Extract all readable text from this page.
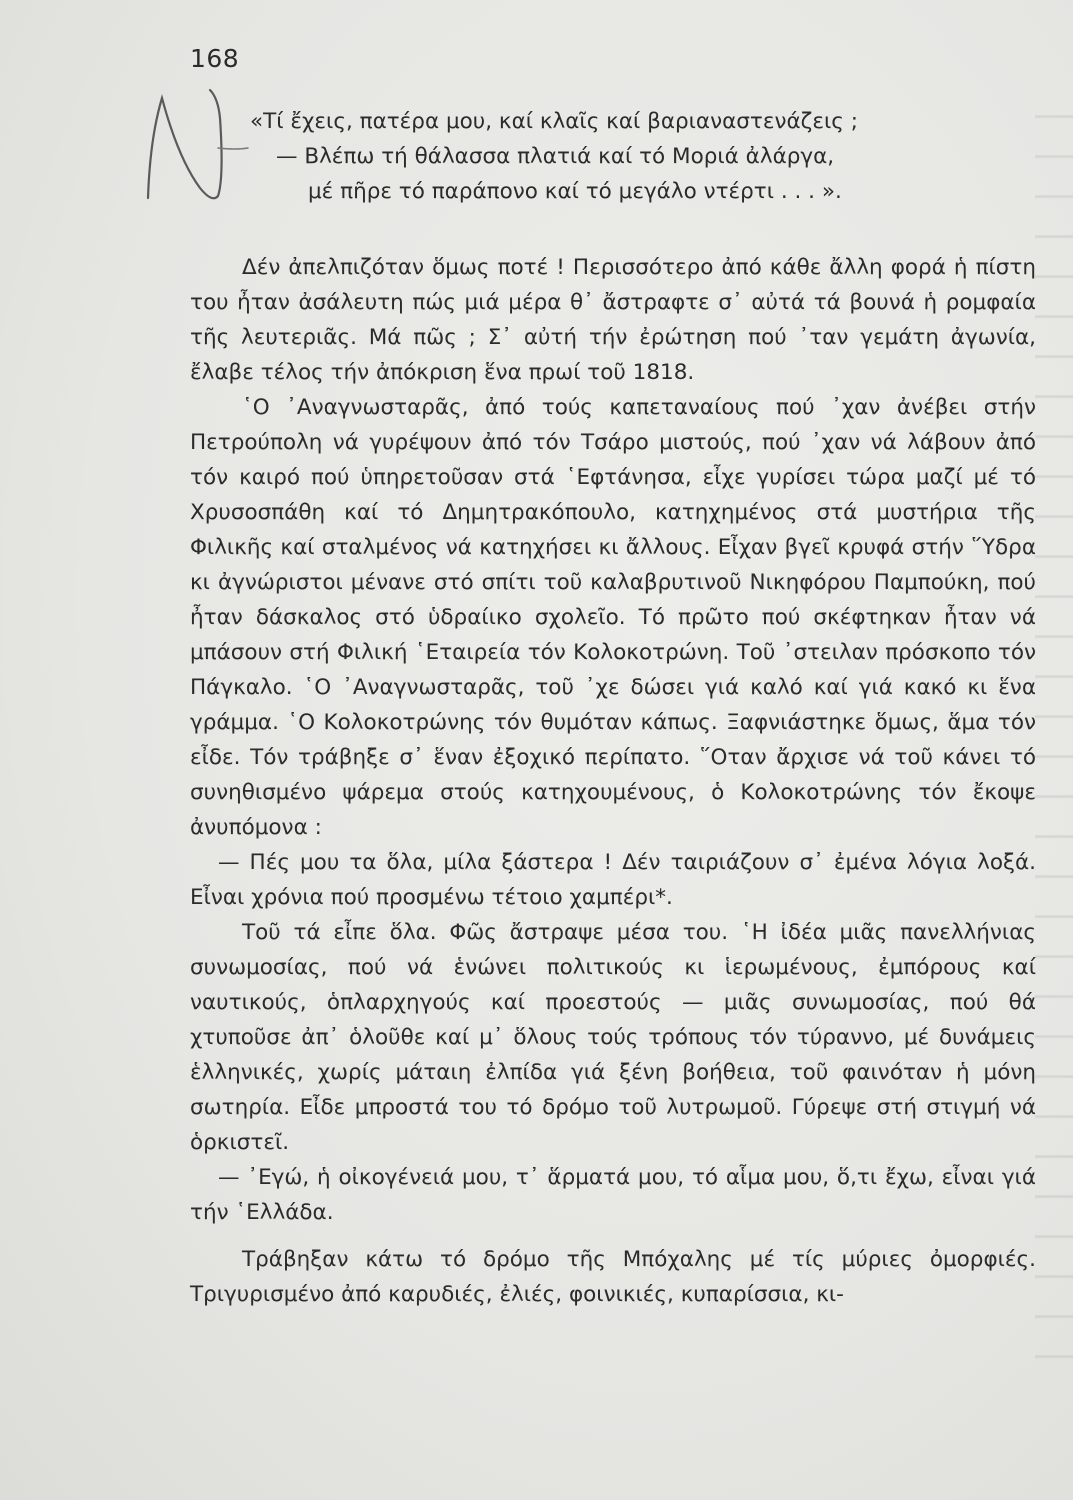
168
«Τί ἔχεις, πατέρα μου, καί κλαῖς καί βαριαναστενάζεις ;
— Βλέπω τή θάλασσα πλατιά καί τό Μοριά ἀλάργα,
μέ πῆρε τό παράπονο καί τό μεγάλο ντέρτι . . . ».

Δέν ἀπελπιζόταν ὅμως ποτέ ! Περισσότερο ἀπό κάθε ἄλλη φορά ἡ πίστη του ἦταν ἀσάλευτη πώς μιά μέρα θ᾽ ἄστραφτε σ᾽ αὐτά τά βουνά ἡ ρομφαία τῆς λευτεριᾶς. Μά πῶς ; Σ᾽ αὐτή τήν ἐρώτηση πού ᾽ταν γεμάτη ἀγωνία, ἔλαβε τέλος τήν ἀπόκριση ἕνα πρωί τοῦ 1818.

῾Ο ᾽Αναγνωσταρᾶς, ἀπό τούς καπεταναίους πού ᾽χαν ἀνέβει στήν Πετρούπολη νά γυρέψουν ἀπό τόν Τσάρο μιστούς, πού ᾽χαν νά λάβουν ἀπό τόν καιρό πού ὑπηρετοῦσαν στά ῾Εφτάνησα, εἶχε γυρίσει τώρα μαζί μέ τό Χρυσοσπάθη καί τό Δημητρακόπουλο, κατηχημένος στά μυστήρια τῆς Φιλικῆς καί σταλμένος νά κατηχήσει κι ἄλλους. Εἶχαν βγεῖ κρυφά στήν ῞Υδρα κι ἀγνώριστοι μένανε στό σπίτι τοῦ καλαβρυτινοῦ Νικηφόρου Παμπούκη, πού ἦταν δάσκαλος στό ὑδραίικο σχολεῖο. Τό πρῶτο πού σκέφτηκαν ἦταν νά μπάσουν στή Φιλική ῾Εταιρεία τόν Κολοκοτρώνη. Τοῦ ᾽στειλαν πρόσκοπο τόν Πάγκαλο. ῾Ο ᾽Αναγνωσταρᾶς, τοῦ ᾽χε δώσει γιά καλό καί γιά κακό κι ἕνα γράμμα. ῾Ο Κολοκοτρώνης τόν θυμόταν κάπως. Ξαφνιάστηκε ὅμως, ἅμα τόν εἶδε. Τόν τράβηξε σ᾽ ἕναν ἐξοχικό περίπατο. ῞Οταν ἄρχισε νά τοῦ κάνει τό συνηθισμένο ψάρεμα στούς κατηχουμένους, ὁ Κολοκοτρώνης τόν ἔκοψε ἀνυπόμονα :

— Πές μου τα ὅλα, μίλα ξάστερα ! Δέν ταιριάζουν σ᾽ ἐμένα λόγια λοξά. Εἶναι χρόνια πού προσμένω τέτοιο χαμπέρι*.

Τοῦ τά εἶπε ὅλα. Φῶς ἄστραψε μέσα του. ῾Η ἰδέα μιᾶς πανελλήνιας συνωμοσίας, πού νά ἑνώνει πολιτικούς κι ἱερωμένους, ἐμπόρους καί ναυτικούς, ὁπλαρχηγούς καί προεστούς — μιᾶς συνωμοσίας, πού θά χτυποῦσε ἀπ᾽ ὁλοῦθε καί μ᾽ ὅλους τούς τρόπους τόν τύραννο, μέ δυνάμεις ἑλληνικές, χωρίς μάταιη ἐλπίδα γιά ξένη βοήθεια, τοῦ φαινόταν ἡ μόνη σωτηρία. Εἶδε μπροστά του τό δρόμο τοῦ λυτρωμοῦ. Γύρεψε στή στιγμή νά ὁρκιστεῖ.

— ᾽Εγώ, ἡ οἰκογένειά μου, τ᾽ ἅρματά μου, τό αἷμα μου, ὅ,τι ἔχω, εἶναι γιά τήν ῾Ελλάδα.

Τράβηξαν κάτω τό δρόμο τῆς Μπόχαλης μέ τίς μύριες ὀμορφιές. Τριγυρισμένο ἀπό καρυδιές, ἐλιές, φοινικιές, κυπαρίσσια, κι-
